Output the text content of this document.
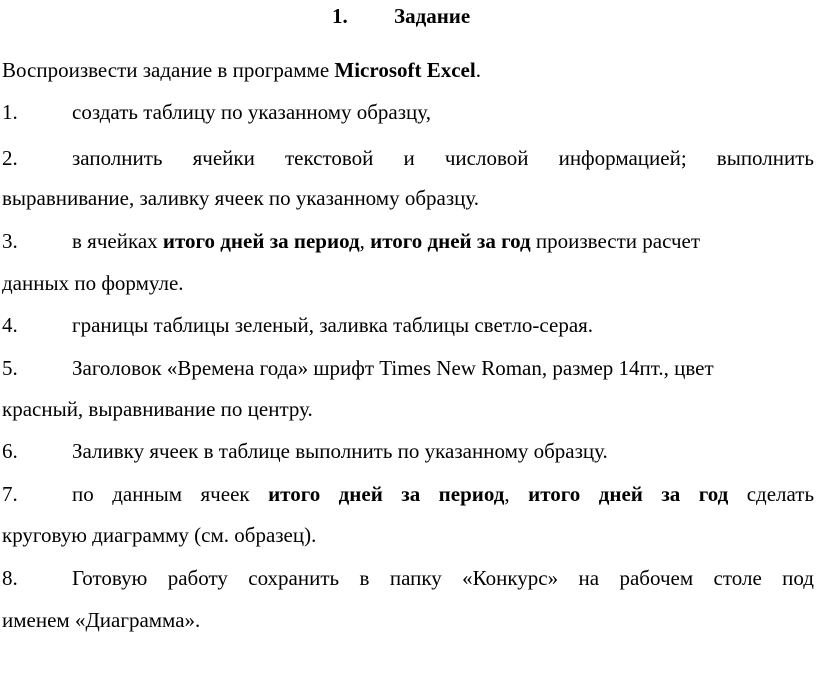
1. Задание
Воспроизвести задание в программе Microsoft Excel.
1.	создать таблицу по указанному образцу,
2.	заполнить ячейки текстовой и числовой информацией; выполнить
выравнивание, заливку ячеек по указанному образцу.
3.	в ячейках итого дней за период, итого дней за год произвести расчет
данных по формуле.
4.	границы таблицы зеленый, заливка таблицы светло-серая.
5.	Заголовок «Времена года» шрифт Times New Roman, размер 14пт., цвет
красный, выравнивание по центру.
6.	Заливку ячеек в таблице выполнить по указанному образцу.
7.	по данным ячеек итого дней за период, итого дней за год сделать
круговую диаграмму (см. образец).
8.	Готовую работу сохранить в папку «Конкурс» на рабочем столе под
именем «Диаграмма».
